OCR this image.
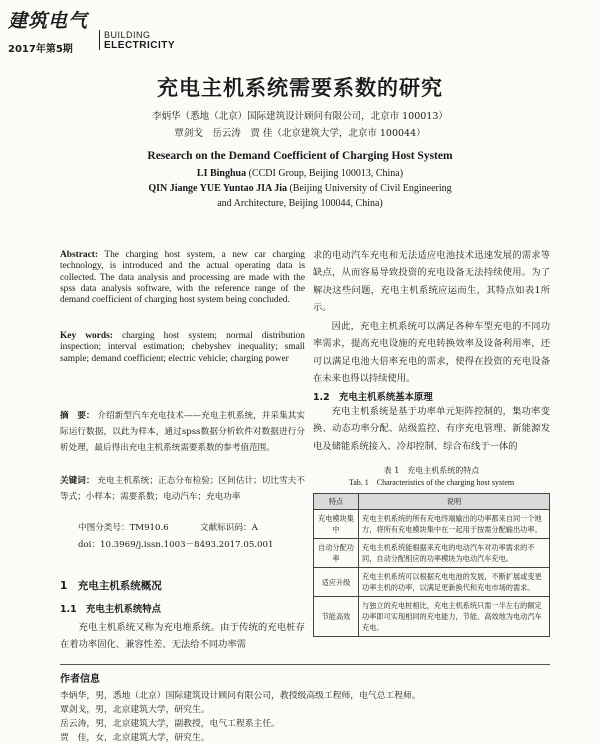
建筑电气
2017年第5期
BUILDING
ELECTRICITY
充电主机系统需要系数的研究
李炳华（悉地（北京）国际建筑设计顾问有限公司，北京市 100013）
覃剑戈　岳云涛　贾 佳（北京建筑大学，北京市 100044）
Research on the Demand Coefficient of Charging Host System
LI Binghua (CCDI Group, Beijing 100013, China)
QIN Jiange YUE Yuntao JIA Jia (Beijing University of Civil Engineering
and Architecture, Beijing 100044, China)
Abstract: The charging host system, a new car charging technology, is introduced and the actual operating data is collected. The data analysis and processing are made with the spss data analysis software, with the reference range of the demand coefficient of charging host system being concluded.
Key words: charging host system; normal distribution inspection; interval estimation; chebyshev inequality; small sample; demand coefficient; electric vehicle; charging power
摘　要： 介绍新型汽车充电技术——充电主机系统，并采集其实际运行数据，以此为样本，通过spss数据分析软件对数据进行分析处理，最后得出充电主机系统需要系数的参考值范围。
关键词： 充电主机系统；正态分布检验；区间估计；切比雪夫不等式；小样本；需要系数；电动汽车；充电功率
中图分类号：TM910.6	文献标识码：A
doi：10.3969/j.issn.1003－8493.2017.05.001
1　充电主机系统概况
1.1　充电主机系统特点
充电主机系统又称为充电堆系统。由于传统的充电桩存在着功率固化、兼容性差、无法给不同功率需
求的电动汽车充电和无法适应电池技术迅速发展的需求等缺点，从而容易导致投资的充电设备无法持续使用。为了解决这些问题，充电主机系统应运而生，其特点如表1所示。
因此，充电主机系统可以满足各种车型充电的不同功率需求，提高充电设施的充电转换效率及设备利用率，还可以满足电池大倍率充电的需求，使得在投资的充电设备在未来也得以持续使用。
1.2　充电主机系统基本原理
充电主机系统是基于功率单元矩阵控制的，集功率变换、动态功率分配、站级监控、有序充电管理、新能源发电及储能系统接入、冷却控制、综合布线于一体的
表 1　充电主机系统的特点
Tab. 1　Characteristics of the charging host system
特点	说明
充电模块集中	充电主机系统的所有充电终端输出的功率都来自同一个地方，将所有充电模块集中在一起用于按需分配输出功率。
自动分配功率	充电主机系统能根据来充电的电动汽车对功率需求的不同，自动分配相应的功率模块为电动汽车充电。
适应升级	充电主机系统可以根据充电电池的发展，不断扩展或变更功率主机的功率，以满足更新换代和充电市场的需求。
节能高效	与独立的充电桩相比，充电主机系统只需一半左右的额定功率即可实现相同的充电能力，节能、高效地为电动汽车充电。
作者信息
李炳华，男，悉地（北京）国际建筑设计顾问有限公司，教授级高级工程师，电气总工程师。
覃剑戈，男，北京建筑大学，研究生。
岳云涛，男，北京建筑大学，副教授，电气工程系主任。
贾　佳，女，北京建筑大学，研究生。
